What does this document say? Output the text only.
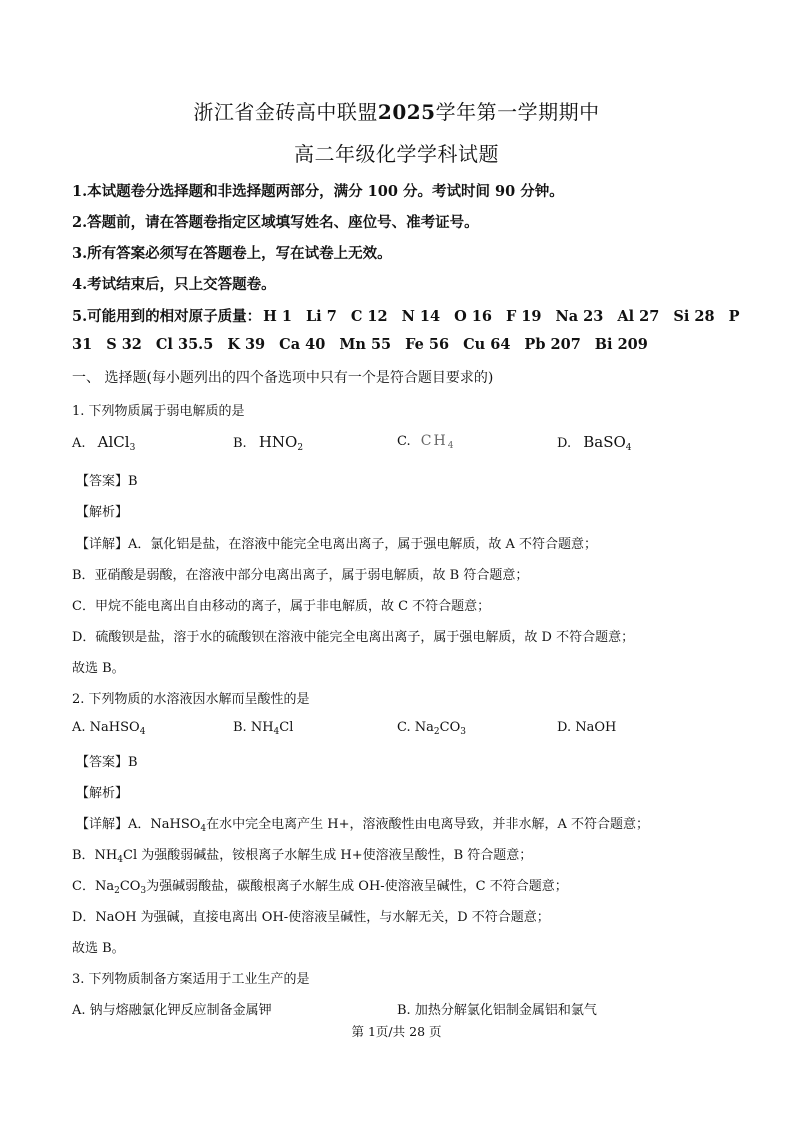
浙江省金砖高中联盟2025学年第一学期期中
高二年级化学学科试题
1.本试题卷分选择题和非选择题两部分，满分 100 分。考试时间 90 分钟。
2.答题前，请在答题卷指定区域填写姓名、座位号、准考证号。
3.所有答案必须写在答题卷上，写在试卷上无效。
4.考试结束后，只上交答题卷。
5.可能用到的相对原子质量： H 1 Li 7 C 12 N 14 O 16 F 19 Na 23 Al 27 Si 28 P
31 S 32 Cl 35.5 K 39 Ca 40 Mn 55 Fe 56 Cu 64 Pb 207 Bi 209
一、 选择题(每小题列出的四个备选项中只有一个是符合题目要求的)
1. 下列物质属于弱电解质的是
A. AlCl$_3$	B. $HNO_2$	C. $CH_4$	D. BaSO$_4$
【答案】B
【解析】
【详解】A．氯化铝是盐，在溶液中能完全电离出离子，属于强电解质，故 A 不符合题意；
B．亚硝酸是弱酸，在溶液中部分电离出离子，属于弱电解质，故 B 符合题意；
C．甲烷不能电离出自由移动的离子，属于非电解质，故 C 不符合题意；
D．硫酸钡是盐，溶于水的硫酸钡在溶液中能完全电离出离子，属于强电解质，故 D 不符合题意；
故选 B。
2. 下列物质的水溶液因水解而呈酸性的是
A. NaHSO$_4$	B. $NH_4Cl$	C. $Na_2CO_3$	D. NaOH
【答案】B
【解析】
【详解】A．NaHSO$_4$在水中完全电离产生 H+，溶液酸性由电离导致，并非水解，A 不符合题意；
B．$NH_4Cl$ 为强酸弱碱盐，铵根离子水解生成 H+使溶液呈酸性，B 符合题意；
C．$Na_2CO_3$为强碱弱酸盐，碳酸根离子水解生成 OH-使溶液呈碱性，C 不符合题意；
D．NaOH 为强碱，直接电离出 OH-使溶液呈碱性，与水解无关，D 不符合题意；
故选 B。
3. 下列物质制备方案适用于工业生产的是
A. 钠与熔融氯化钾反应制备金属钾	B. 加热分解氯化铝制金属铝和氯气
第 1页/共 28 页
